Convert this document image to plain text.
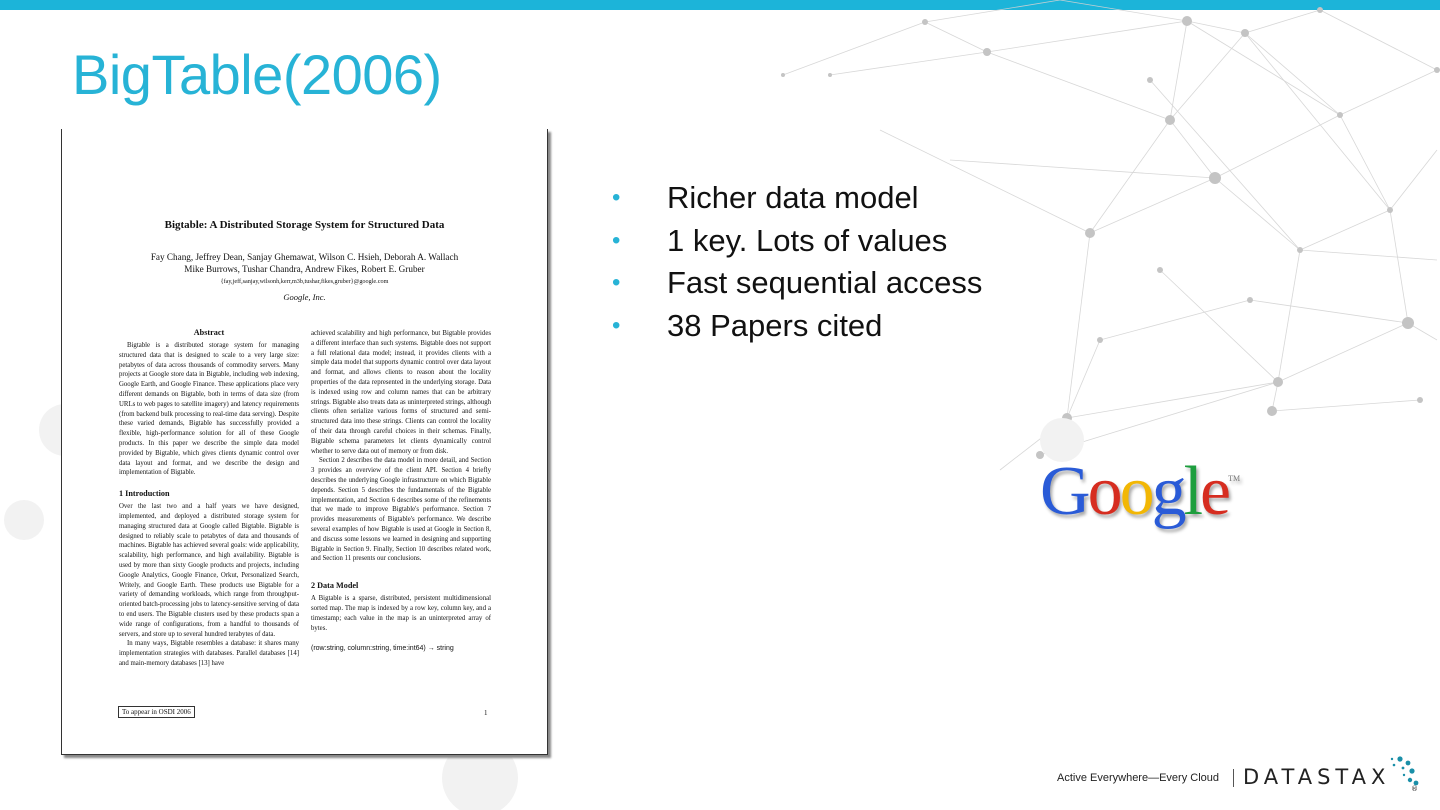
BigTable(2006)
Bigtable: A Distributed Storage System for Structured Data
Fay Chang, Jeffrey Dean, Sanjay Ghemawat, Wilson C. Hsieh, Deborah A. Wallach
Mike Burrows, Tushar Chandra, Andrew Fikes, Robert E. Gruber
{fay,jeff,sanjay,wilsonh,kerr,m3b,tushar,fikes,gruber}@google.com
Google, Inc.
Abstract

Bigtable is a distributed storage system for managing structured data that is designed to scale to a very large size: petabytes of data across thousands of commodity servers. Many projects at Google store data in Bigtable, including web indexing, Google Earth, and Google Finance. These applications place very different demands on Bigtable, both in terms of data size (from URLs to web pages to satellite imagery) and latency requirements (from backend bulk processing to real-time data serving). Despite these varied demands, Bigtable has successfully provided a flexible, high-performance solution for all of these Google products. In this paper we describe the simple data model provided by Bigtable, which gives clients dynamic control over data layout and format, and we describe the design and implementation of Bigtable.

1 Introduction

Over the last two and a half years we have designed, implemented, and deployed a distributed storage system for managing structured data at Google called Bigtable. Bigtable is designed to reliably scale to petabytes of data and thousands of machines. Bigtable has achieved several goals: wide applicability, scalability, high performance, and high availability. Bigtable is used by more than sixty Google products and projects, including Google Analytics, Google Finance, Orkut, Personalized Search, Writely, and Google Earth. These products use Bigtable for a variety of demanding workloads, which range from throughput-oriented batch-processing jobs to latency-sensitive serving of data to end users. The Bigtable clusters used by these products span a wide range of configurations, from a handful to thousands of servers, and store up to several hundred terabytes of data.

In many ways, Bigtable resembles a database: it shares many implementation strategies with databases. Parallel databases [14] and main-memory databases [13] have

achieved scalability and high performance, but Bigtable provides a different interface than such systems. Bigtable does not support a full relational data model; instead, it provides clients with a simple data model that supports dynamic control over data layout and format, and allows clients to reason about the locality properties of the data represented in the underlying storage. Data is indexed using row and column names that can be arbitrary strings. Bigtable also treats data as uninterpreted strings, although clients often serialize various forms of structured and semi-structured data into these strings. Clients can control the locality of their data through careful choices in their schemas. Finally, Bigtable schema parameters let clients dynamically control whether to serve data out of memory or from disk.

Section 2 describes the data model in more detail, and Section 3 provides an overview of the client API. Section 4 briefly describes the underlying Google infrastructure on which Bigtable depends. Section 5 describes the fundamentals of the Bigtable implementation, and Section 6 describes some of the refinements that we made to improve Bigtable's performance. Section 7 provides measurements of Bigtable's performance. We describe several examples of how Bigtable is used at Google in Section 8, and discuss some lessons we learned in designing and supporting Bigtable in Section 9. Finally, Section 10 describes related work, and Section 11 presents our conclusions.

2 Data Model

A Bigtable is a sparse, distributed, persistent multidimensional sorted map. The map is indexed by a row key, column key, and a timestamp; each value in the map is an uninterpreted array of bytes.

(row:string, column:string, time:int64) → string
To appear in OSDI 2006	1
• Richer data model
• 1 key. Lots of values
• Fast sequential access
• 38 Papers cited
Google™
Active Everywhere—Every Cloud DATASTAX	®
